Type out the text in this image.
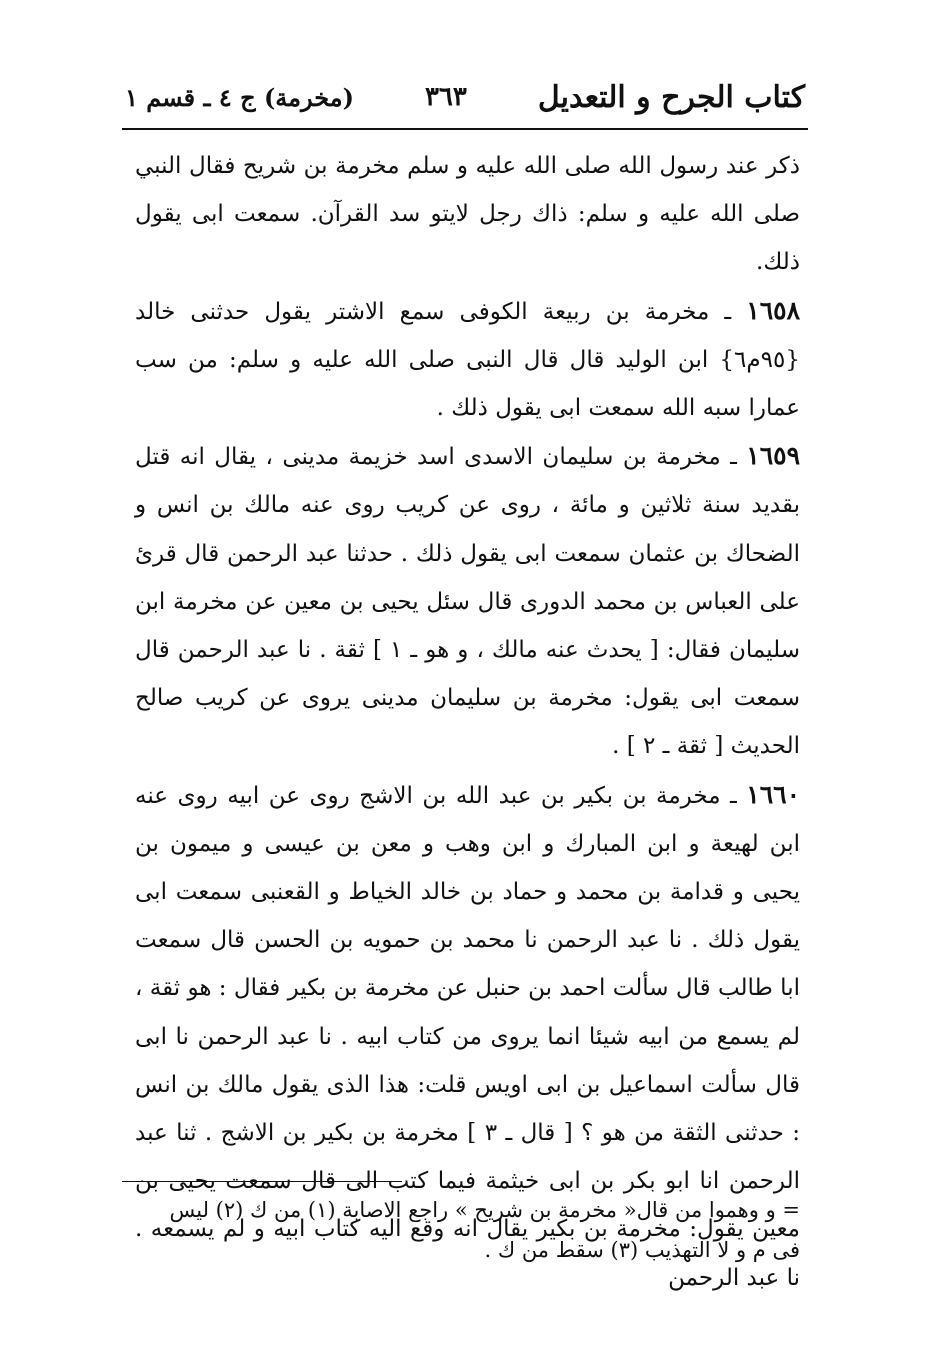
كتاب الجرح و التعديل
٣٦٣
(مخرمة) ج ٤ ـ قسم ١

ذكر عند رسول الله صلى الله عليه و سلم مخرمة بن شريح فقال النبي صلى الله عليه و سلم: ذاك رجل لايتو سد القرآن. سمعت ابى يقول ذلك.

١٦٥٨ ـ مخرمة بن ربيعة الكوفى سمع الاشتر يقول حدثنى خالد {٩٥م٦} ابن الوليد قال قال النبى صلى الله عليه و سلم: من سب عمارا سبه الله سمعت ابى يقول ذلك .

١٦٥٩ ـ مخرمة بن سليمان الاسدى اسد خزيمة مدينى ، يقال انه قتل بقديد سنة ثلاثين و مائة ، روى عن كريب روى عنه مالك بن انس و الضحاك بن عثمان سمعت ابى يقول ذلك . حدثنا عبد الرحمن قال قرئ على العباس بن محمد الدورى قال سئل يحيى بن معين عن مخرمة ابن سليمان فقال: [ يحدث عنه مالك ، و هو ـ ١ ] ثقة . نا عبد الرحمن قال سمعت ابى يقول: مخرمة بن سليمان مدينى يروى عن كريب صالح الحديث [ ثقة ـ ٢ ] .

١٦٦٠ ـ مخرمة بن بكير بن عبد الله بن الاشج روى عن ابيه روى عنه ابن لهيعة و ابن المبارك و ابن وهب و معن بن عيسى و ميمون بن يحيى و قدامة بن محمد و حماد بن خالد الخياط و القعنبى سمعت ابى يقول ذلك . نا عبد الرحمن نا محمد بن حمويه بن الحسن قال سمعت ابا طالب قال سألت احمد بن حنبل عن مخرمة بن بكير فقال : هو ثقة ، لم يسمع من ابيه شيئا انما يروى من كتاب ابيه . نا عبد الرحمن نا ابى قال سألت اسماعيل بن ابى اويس قلت: هذا الذى يقول مالك بن انس : حدثنى الثقة من هو ؟ [ قال ـ ٣ ] مخرمة بن بكير بن الاشج . ثنا عبد الرحمن انا ابو بكر بن ابى خيثمة فيما كتب الى قال سمعت يحيى بن معين يقول: مخرمة بن بكير يقال انه وقع اليه كتاب ابيه و لم يسمعه . نا عبد الرحمن

= و وهموا من قال« مخرمة بن شريح » راجع الاصابة (١) من ك (٢) ليس

فى م و لا التهذيب (٣) سقط من ك .
